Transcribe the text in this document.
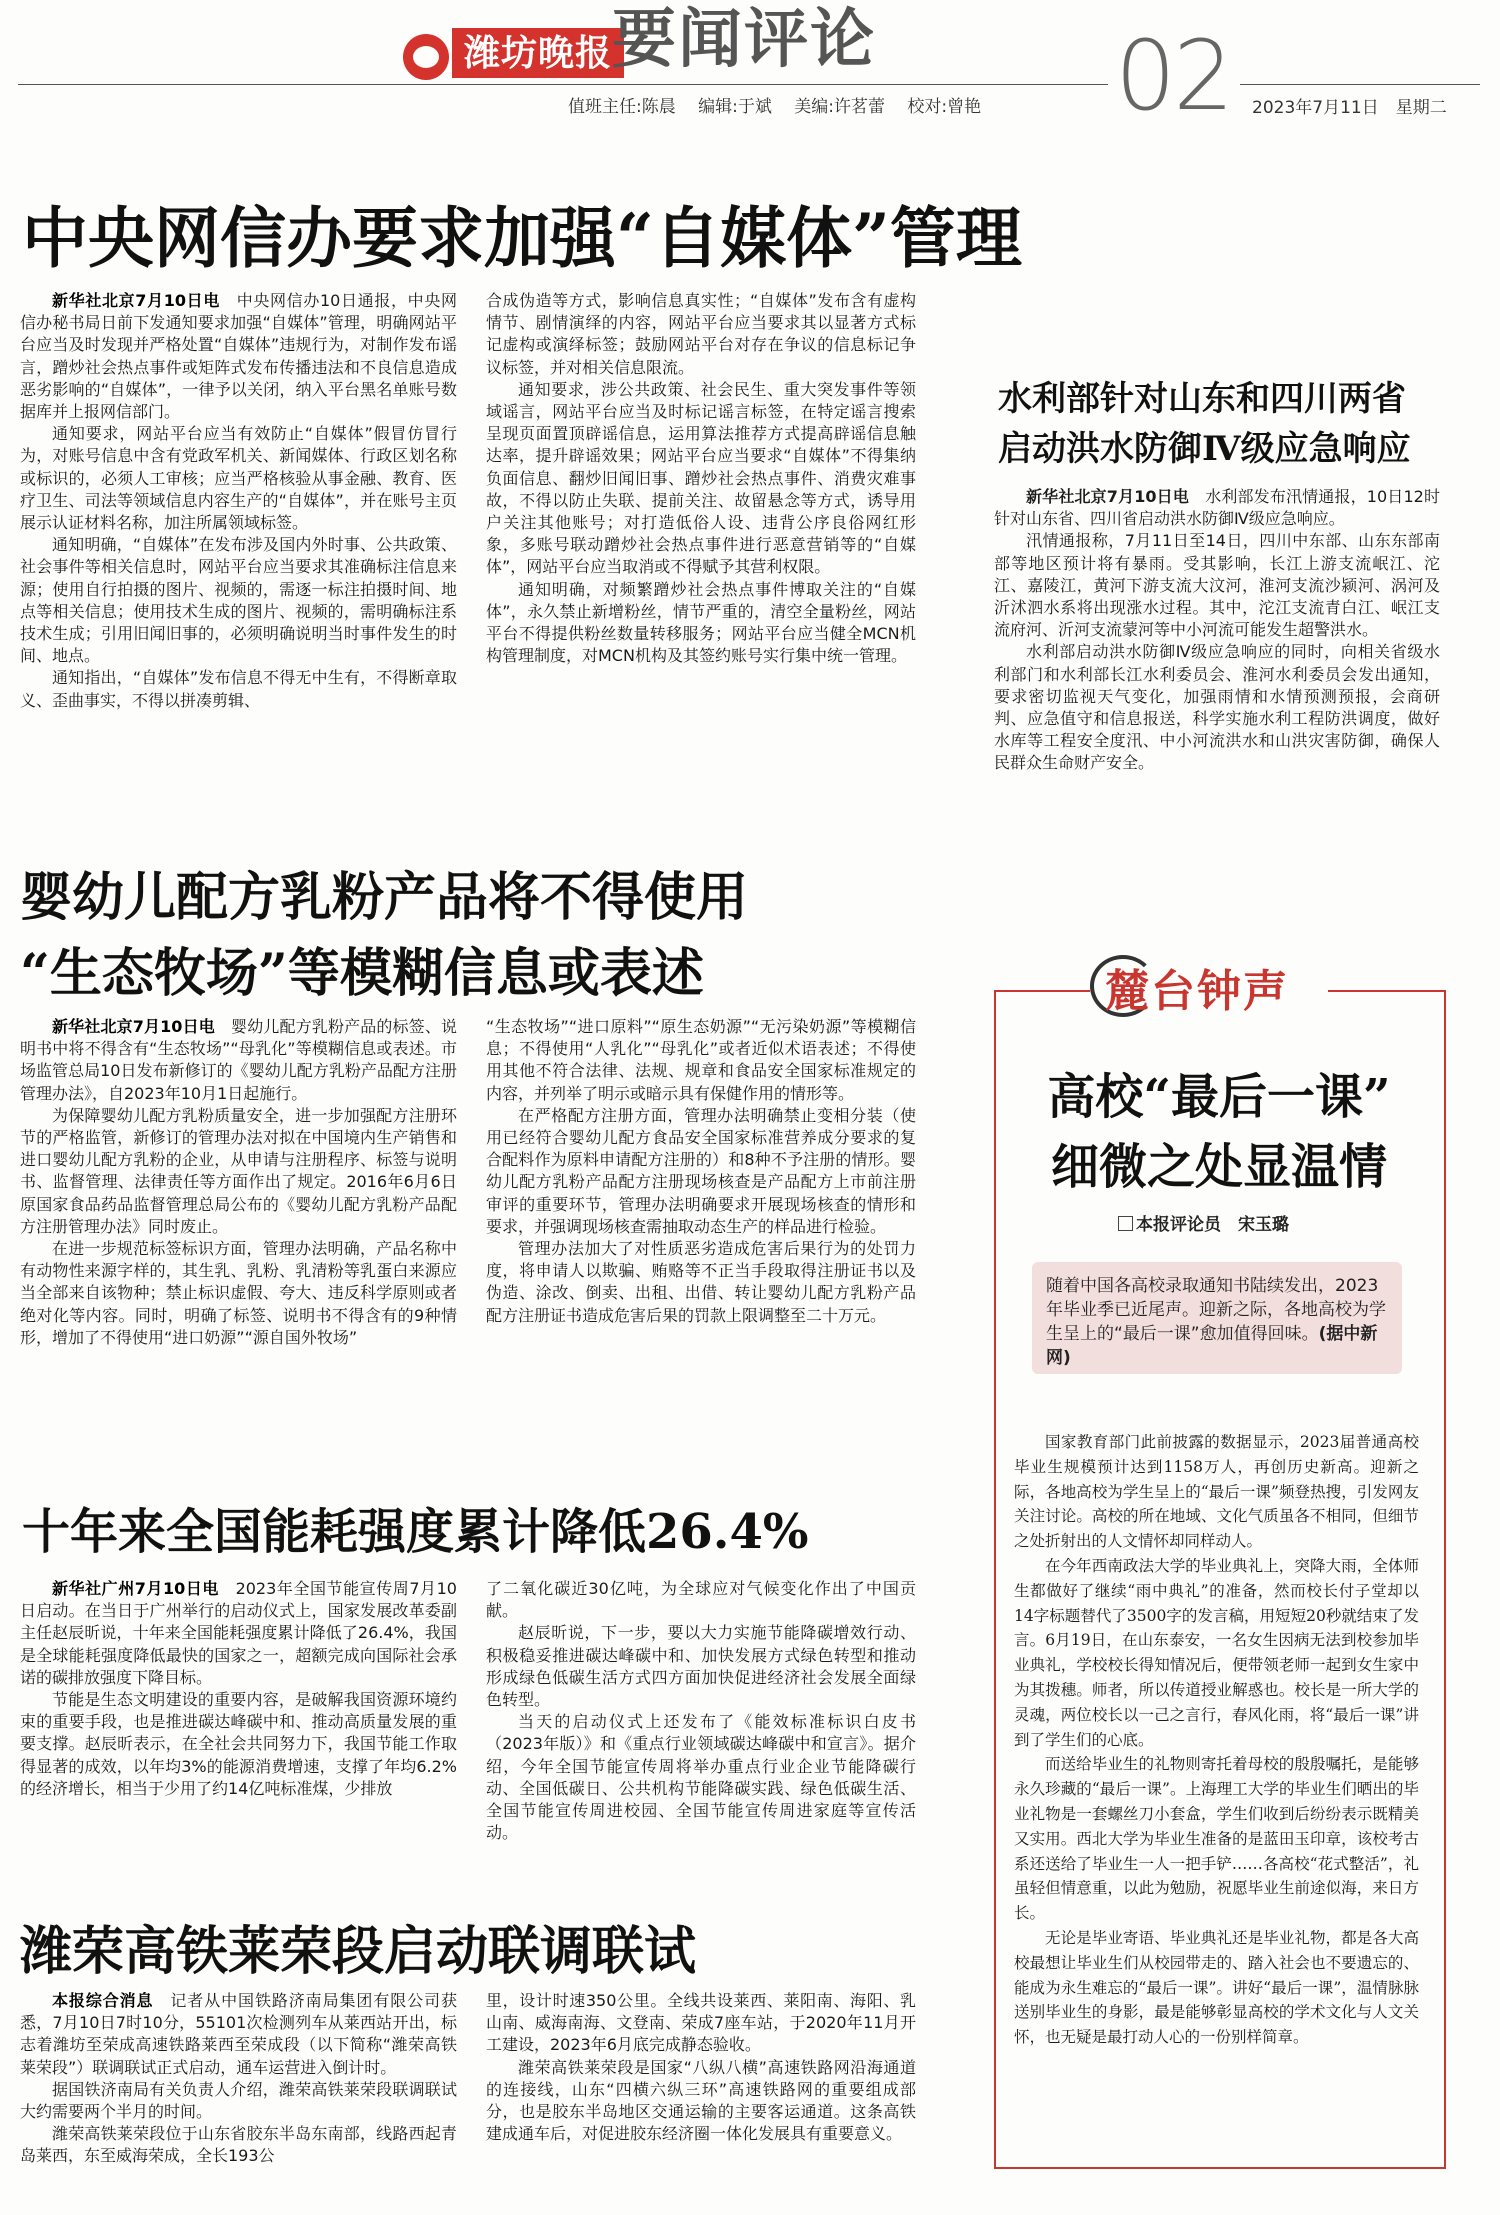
潍坊晚报 要闻评论
值班主任:陈晨　 编辑:于斌　 美编:许茗蕾　 校对:曾艳 02 2023年7月11日　星期二
中央网信办要求加强“自媒体”管理

新华社北京7月10日电　 中央网信办10日通报，中央网信办秘书局日前下发通知要求加强“自媒体”管理，明确网站平台应当及时发现并严格处置“自媒体”违规行为，对制作发布谣言，蹭炒社会热点事件或矩阵式发布传播违法和不良信息造成恶劣影响的“自媒体”，一律予以关闭，纳入平台黑名单账号数据库并上报网信部门。

通知要求，网站平台应当有效防止“自媒体”假冒仿冒行为，对账号信息中含有党政军机关、新闻媒体、行政区划名称或标识的，必须人工审核；应当严格核验从事金融、教育、医疗卫生、司法等领域信息内容生产的“自媒体”，并在账号主页展示认证材料名称，加注所属领域标签。

通知明确，“自媒体”在发布涉及国内外时事、公共政策、社会事件等相关信息时，网站平台应当要求其准确标注信息来源；使用自行拍摄的图片、视频的，需逐一标注拍摄时间、地点等相关信息；使用技术生成的图片、视频的，需明确标注系技术生成；引用旧闻旧事的，必须明确说明当时事件发生的时间、地点。

通知指出，“自媒体”发布信息不得无中生有，不得断章取义、歪曲事实，不得以拼凑剪辑、

合成伪造等方式，影响信息真实性；“自媒体”发布含有虚构情节、剧情演绎的内容，网站平台应当要求其以显著方式标记虚构或演绎标签；鼓励网站平台对存在争议的信息标记争议标签，并对相关信息限流。

通知要求，涉公共政策、社会民生、重大突发事件等领域谣言，网站平台应当及时标记谣言标签，在特定谣言搜索呈现页面置顶辟谣信息，运用算法推荐方式提高辟谣信息触达率，提升辟谣效果；网站平台应当要求“自媒体”不得集纳负面信息、翻炒旧闻旧事、蹭炒社会热点事件、消费灾难事故，不得以防止失联、提前关注、故留悬念等方式，诱导用户关注其他账号；对打造低俗人设、违背公序良俗网红形象，多账号联动蹭炒社会热点事件进行恶意营销等的“自媒体”，网站平台应当取消或不得赋予其营利权限。

通知明确，对频繁蹭炒社会热点事件博取关注的“自媒体”，永久禁止新增粉丝，情节严重的，清空全量粉丝，网站平台不得提供粉丝数量转移服务；网站平台应当健全MCN机构管理制度，对MCN机构及其签约账号实行集中统一管理。

水利部针对山东和四川两省
启动洪水防御Ⅳ级应急响应

新华社北京7月10日电　 水利部发布汛情通报，10日12时针对山东省、四川省启动洪水防御Ⅳ级应急响应。

汛情通报称，7月11日至14日，四川中东部、山东东部南部等地区预计将有暴雨。受其影响，长江上游支流岷江、沱江、嘉陵江，黄河下游支流大汶河，淮河支流沙颍河、涡河及沂沭泗水系将出现涨水过程。其中，沱江支流青白江、岷江支流府河、沂河支流蒙河等中小河流可能发生超警洪水。

水利部启动洪水防御Ⅳ级应急响应的同时，向相关省级水利部门和水利部长江水利委员会、淮河水利委员会发出通知，要求密切监视天气变化，加强雨情和水情预测预报，会商研判、应急值守和信息报送，科学实施水利工程防洪调度，做好水库等工程安全度汛、中小河流洪水和山洪灾害防御，确保人民群众生命财产安全。

婴幼儿配方乳粉产品将不得使用
“生态牧场”等模糊信息或表述

新华社北京7月10日电　 婴幼儿配方乳粉产品的标签、说明书中将不得含有“生态牧场”“母乳化”等模糊信息或表述。市场监管总局10日发布新修订的《婴幼儿配方乳粉产品配方注册管理办法》，自2023年10月1日起施行。

为保障婴幼儿配方乳粉质量安全，进一步加强配方注册环节的严格监管，新修订的管理办法对拟在中国境内生产销售和进口婴幼儿配方乳粉的企业，从申请与注册程序、标签与说明书、监督管理、法律责任等方面作出了规定。2016年6月6日原国家食品药品监督管理总局公布的《婴幼儿配方乳粉产品配方注册管理办法》同时废止。

在进一步规范标签标识方面，管理办法明确，产品名称中有动物性来源字样的，其生乳、乳粉、乳清粉等乳蛋白来源应当全部来自该物种；禁止标识虚假、夸大、违反科学原则或者绝对化等内容。同时，明确了标签、说明书不得含有的9种情形，增加了不得使用“进口奶源”“源自国外牧场”

“生态牧场”“进口原料”“原生态奶源”“无污染奶源”等模糊信息；不得使用“人乳化”“母乳化”或者近似术语表述；不得使用其他不符合法律、法规、规章和食品安全国家标准规定的内容，并列举了明示或暗示具有保健作用的情形等。

在严格配方注册方面，管理办法明确禁止变相分装（使用已经符合婴幼儿配方食品安全国家标准营养成分要求的复合配料作为原料申请配方注册的）和8种不予注册的情形。婴幼儿配方乳粉产品配方注册现场核查是产品配方上市前注册审评的重要环节，管理办法明确要求开展现场核查的情形和要求，并强调现场核查需抽取动态生产的样品进行检验。

管理办法加大了对性质恶劣造成危害后果行为的处罚力度，将申请人以欺骗、贿赂等不正当手段取得注册证书以及伪造、涂改、倒卖、出租、出借、转让婴幼儿配方乳粉产品配方注册证书造成危害后果的罚款上限调整至二十万元。

十年来全国能耗强度累计降低26.4%

新华社广州7月10日电　 2023年全国节能宣传周7月10日启动。在当日于广州举行的启动仪式上，国家发展改革委副主任赵辰昕说，十年来全国能耗强度累计降低了26.4%，我国是全球能耗强度降低最快的国家之一，超额完成向国际社会承诺的碳排放强度下降目标。

节能是生态文明建设的重要内容，是破解我国资源环境约束的重要手段，也是推进碳达峰碳中和、推动高质量发展的重要支撑。赵辰昕表示，在全社会共同努力下，我国节能工作取得显著的成效，以年均3%的能源消费增速，支撑了年均6.2%的经济增长，相当于少用了约14亿吨标准煤，少排放

了二氧化碳近30亿吨，为全球应对气候变化作出了中国贡献。

赵辰昕说，下一步，要以大力实施节能降碳增效行动、积极稳妥推进碳达峰碳中和、加快发展方式绿色转型和推动形成绿色低碳生活方式四方面加快促进经济社会发展全面绿色转型。

当天的启动仪式上还发布了《能效标准标识白皮书（2023年版）》和《重点行业领域碳达峰碳中和宣言》。据介绍，今年全国节能宣传周将举办重点行业企业节能降碳行动、全国低碳日、公共机构节能降碳实践、绿色低碳生活、全国节能宣传周进校园、全国节能宣传周进家庭等宣传活动。

潍荣高铁莱荣段启动联调联试

本报综合消息　 记者从中国铁路济南局集团有限公司获悉，7月10日7时10分，55101次检测列车从莱西站开出，标志着潍坊至荣成高速铁路莱西至荣成段（以下简称“潍荣高铁莱荣段”）联调联试正式启动，通车运营进入倒计时。

据国铁济南局有关负责人介绍，潍荣高铁莱荣段联调联试大约需要两个半月的时间。

潍荣高铁莱荣段位于山东省胶东半岛东南部，线路西起青岛莱西，东至威海荣成，全长193公

里，设计时速350公里。全线共设莱西、莱阳南、海阳、乳山南、威海南海、文登南、荣成7座车站，于2020年11月开工建设，2023年6月底完成静态验收。

潍荣高铁莱荣段是国家“八纵八横”高速铁路网沿海通道的连接线，山东“四横六纵三环”高速铁路网的重要组成部分，也是胶东半岛地区交通运输的主要客运通道。这条高铁建成通车后，对促进胶东经济圈一体化发展具有重要意义。

麓台钟声
高校“最后一课”
细微之处显温情
本报评论员　宋玉璐
随着中国各高校录取通知书陆续发出，2023年毕业季已近尾声。迎新之际，各地高校为学生呈上的“最后一课”愈加值得回味。(据中新网)

国家教育部门此前披露的数据显示，2023届普通高校毕业生规模预计达到1158万人，再创历史新高。迎新之际，各地高校为学生呈上的“最后一课”频登热搜，引发网友关注讨论。高校的所在地域、文化气质虽各不相同，但细节之处折射出的人文情怀却同样动人。

在今年西南政法大学的毕业典礼上，突降大雨，全体师生都做好了继续“雨中典礼”的准备，然而校长付子堂却以14字标题替代了3500字的发言稿，用短短20秒就结束了发言。6月19日，在山东泰安，一名女生因病无法到校参加毕业典礼，学校校长得知情况后，便带领老师一起到女生家中为其拨穗。师者，所以传道授业解惑也。校长是一所大学的灵魂，两位校长以一己之言行，春风化雨，将“最后一课”讲到了学生们的心底。

而送给毕业生的礼物则寄托着母校的殷殷嘱托，是能够永久珍藏的“最后一课”。上海理工大学的毕业生们晒出的毕业礼物是一套螺丝刀小套盒，学生们收到后纷纷表示既精美又实用。西北大学为毕业生准备的是蓝田玉印章，该校考古系还送给了毕业生一人一把手铲……各高校“花式整活”，礼虽轻但情意重，以此为勉励，祝愿毕业生前途似海，来日方长。

无论是毕业寄语、毕业典礼还是毕业礼物，都是各大高校最想让毕业生们从校园带走的、踏入社会也不要遗忘的、能成为永生难忘的“最后一课”。讲好“最后一课”，温情脉脉送别毕业生的身影，最是能够彰显高校的学术文化与人文关怀，也无疑是最打动人心的一份别样简章。
